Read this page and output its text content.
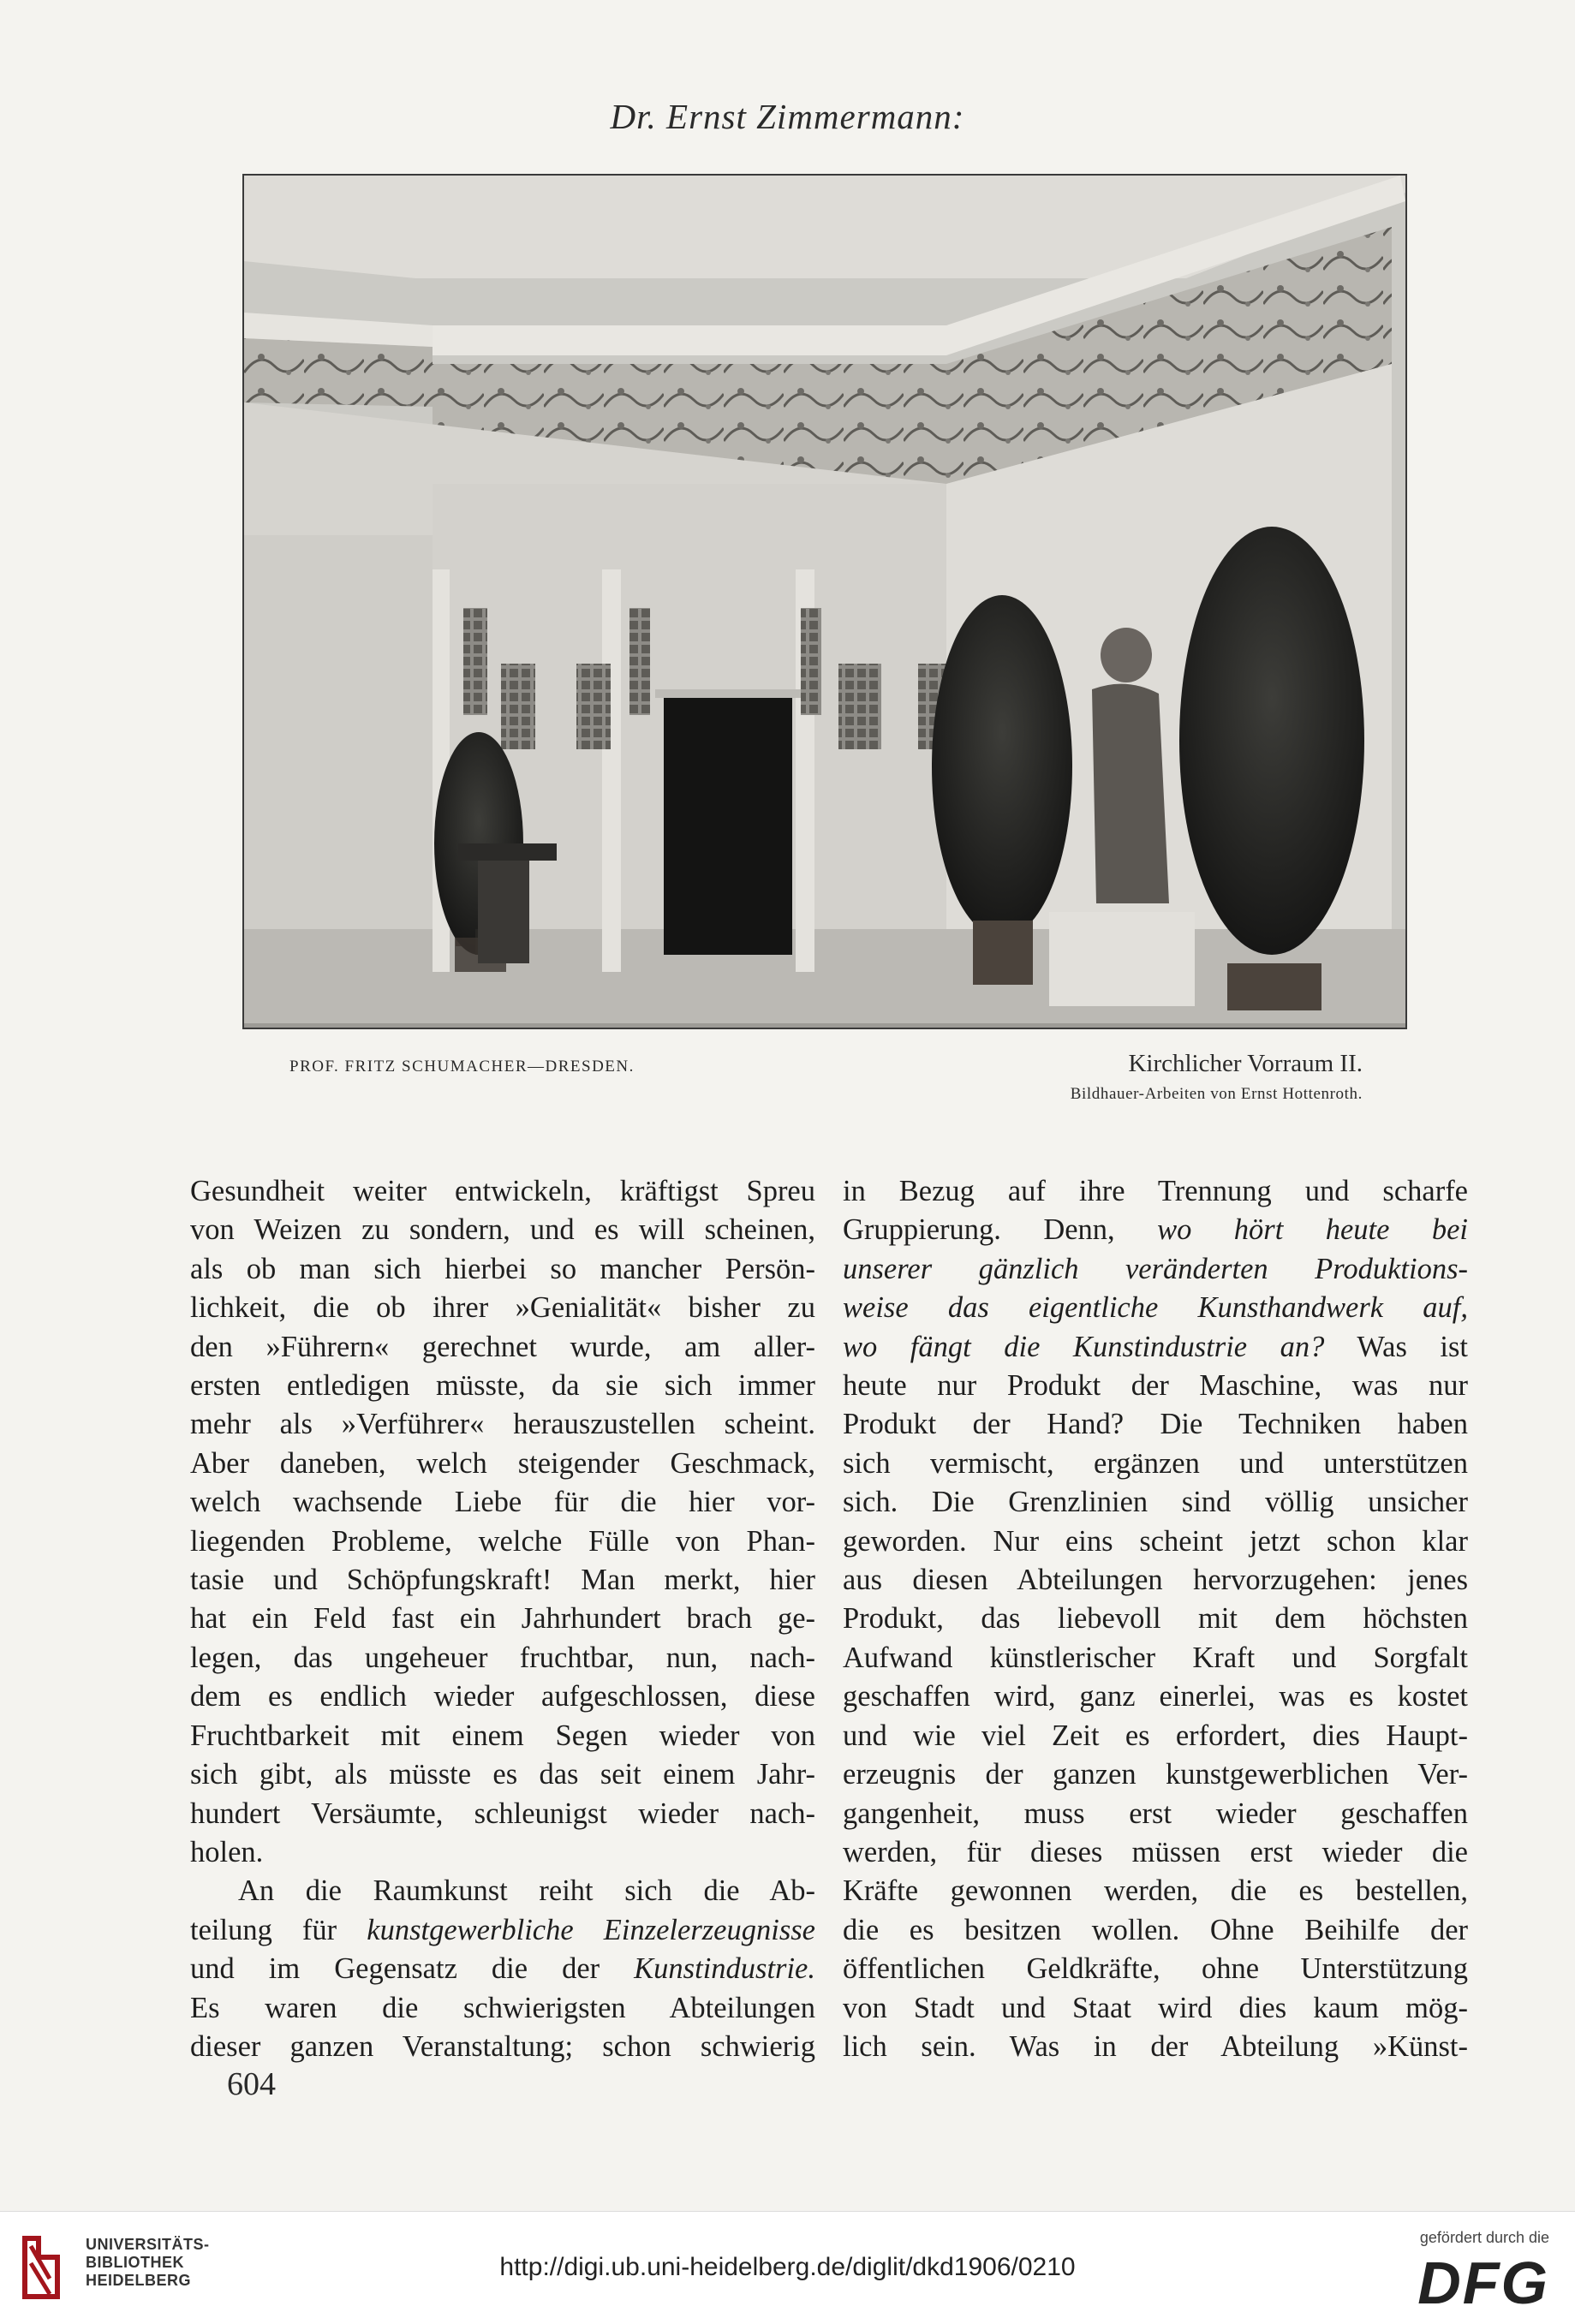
Dr. Ernst Zimmermann:
PROF. FRITZ SCHUMACHER—DRESDEN.	Kirchlicher Vorraum II.
Bildhauer-Arbeiten von Ernst Hottenroth.
Gesundheit weiter entwickeln, kräftigst Spreu
von Weizen zu sondern, und es will scheinen,
als ob man sich hierbei so mancher Persön-
lichkeit, die ob ihrer »Genialität« bisher zu
den »Führern« gerechnet wurde, am aller-
ersten entledigen müsste, da sie sich immer
mehr als »Verführer« herauszustellen scheint.
Aber daneben, welch steigender Geschmack,
welch wachsende Liebe für die hier vor-
liegenden Probleme, welche Fülle von Phan-
tasie und Schöpfungskraft! Man merkt, hier
hat ein Feld fast ein Jahrhundert brach ge-
legen, das ungeheuer fruchtbar, nun, nach-
dem es endlich wieder aufgeschlossen, diese
Fruchtbarkeit mit einem Segen wieder von
sich gibt, als müsste es das seit einem Jahr-
hundert Versäumte, schleunigst wieder nach-
holen.
An die Raumkunst reiht sich die Ab-
teilung für kunstgewerbliche Einzelerzeugnisse
und im Gegensatz die der Kunstindustrie.
Es waren die schwierigsten Abteilungen
dieser ganzen Veranstaltung; schon schwierig
in Bezug auf ihre Trennung und scharfe
Gruppierung. Denn, wo hört heute bei
unserer gänzlich veränderten Produktions-
weise das eigentliche Kunsthandwerk auf,
wo fängt die Kunstindustrie an? Was ist
heute nur Produkt der Maschine, was nur
Produkt der Hand? Die Techniken haben
sich vermischt, ergänzen und unterstützen
sich. Die Grenzlinien sind völlig unsicher
geworden. Nur eins scheint jetzt schon klar
aus diesen Abteilungen hervorzugehen: jenes
Produkt, das liebevoll mit dem höchsten
Aufwand künstlerischer Kraft und Sorgfalt
geschaffen wird, ganz einerlei, was es kostet
und wie viel Zeit es erfordert, dies Haupt-
erzeugnis der ganzen kunstgewerblichen Ver-
gangenheit, muss erst wieder geschaffen
werden, für dieses müssen erst wieder die
Kräfte gewonnen werden, die es bestellen,
die es besitzen wollen. Ohne Beihilfe der
öffentlichen Geldkräfte, ohne Unterstützung
von Stadt und Staat wird dies kaum mög-
lich sein. Was in der Abteilung »Künst-
604
UNIVERSITÄTS-
BIBLIOTHEK
HEIDELBERG	http://digi.ub.uni-heidelberg.de/diglit/dkd1906/0210
gefördert durch die
DFG
